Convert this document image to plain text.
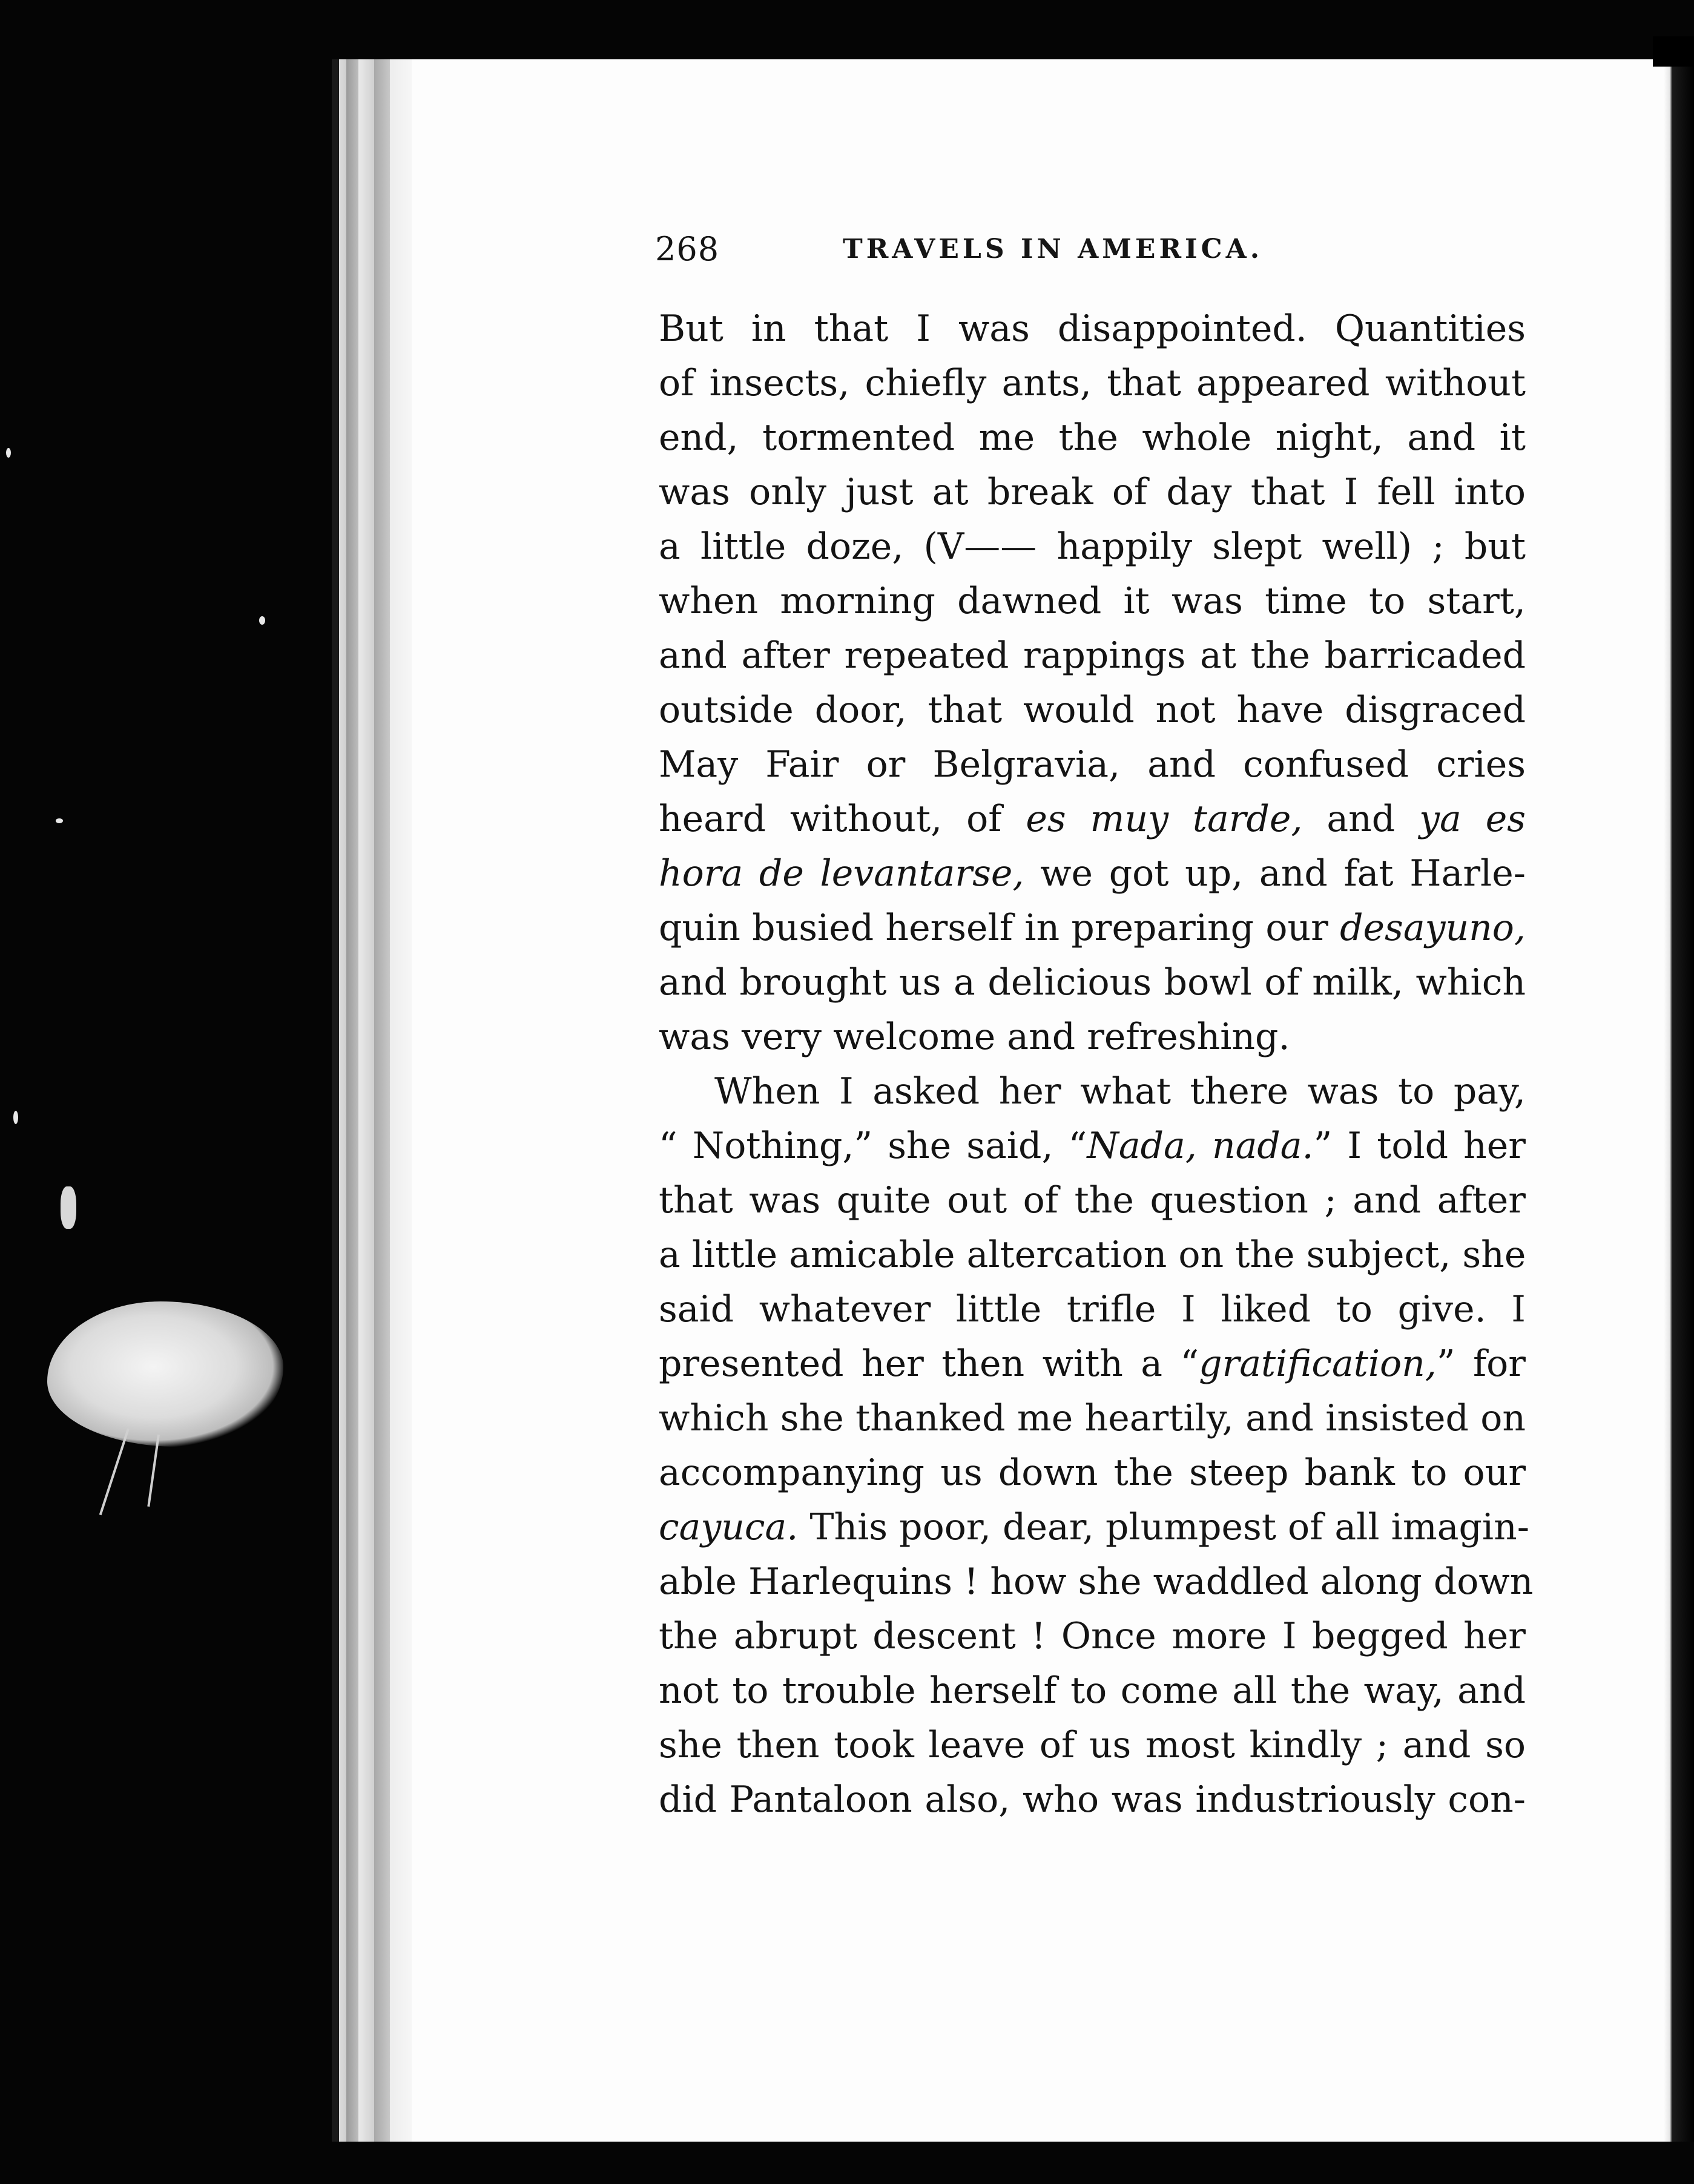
268	TRAVELS IN AMERICA.
But in that I was disappointed. Quantities
of insects, chiefly ants, that appeared without
end, tormented me the whole night, and it
was only just at break of day that I fell into
a little doze, (V—— happily slept well) ; but
when morning dawned it was time to start,
and after repeated rappings at the barricaded
outside door, that would not have disgraced
May Fair or Belgravia, and confused cries
heard without, of es muy tarde, and ya es
hora de levantarse, we got up, and fat Harle-
quin busied herself in preparing our desayuno,
and brought us a delicious bowl of milk, which
was very welcome and refreshing.
When I asked her what there was to pay,
“ Nothing,” she said, “Nada, nada.” I told her
that was quite out of the question ; and after
a little amicable altercation on the subject, she
said whatever little trifle I liked to give. I
presented her then with a “gratification,” for
which she thanked me heartily, and insisted on
accompanying us down the steep bank to our
cayuca. This poor, dear, plumpest of all imagin-
able Harlequins ! how she waddled along down
the abrupt descent ! Once more I begged her
not to trouble herself to come all the way, and
she then took leave of us most kindly ; and so
did Pantaloon also, who was industriously con-
